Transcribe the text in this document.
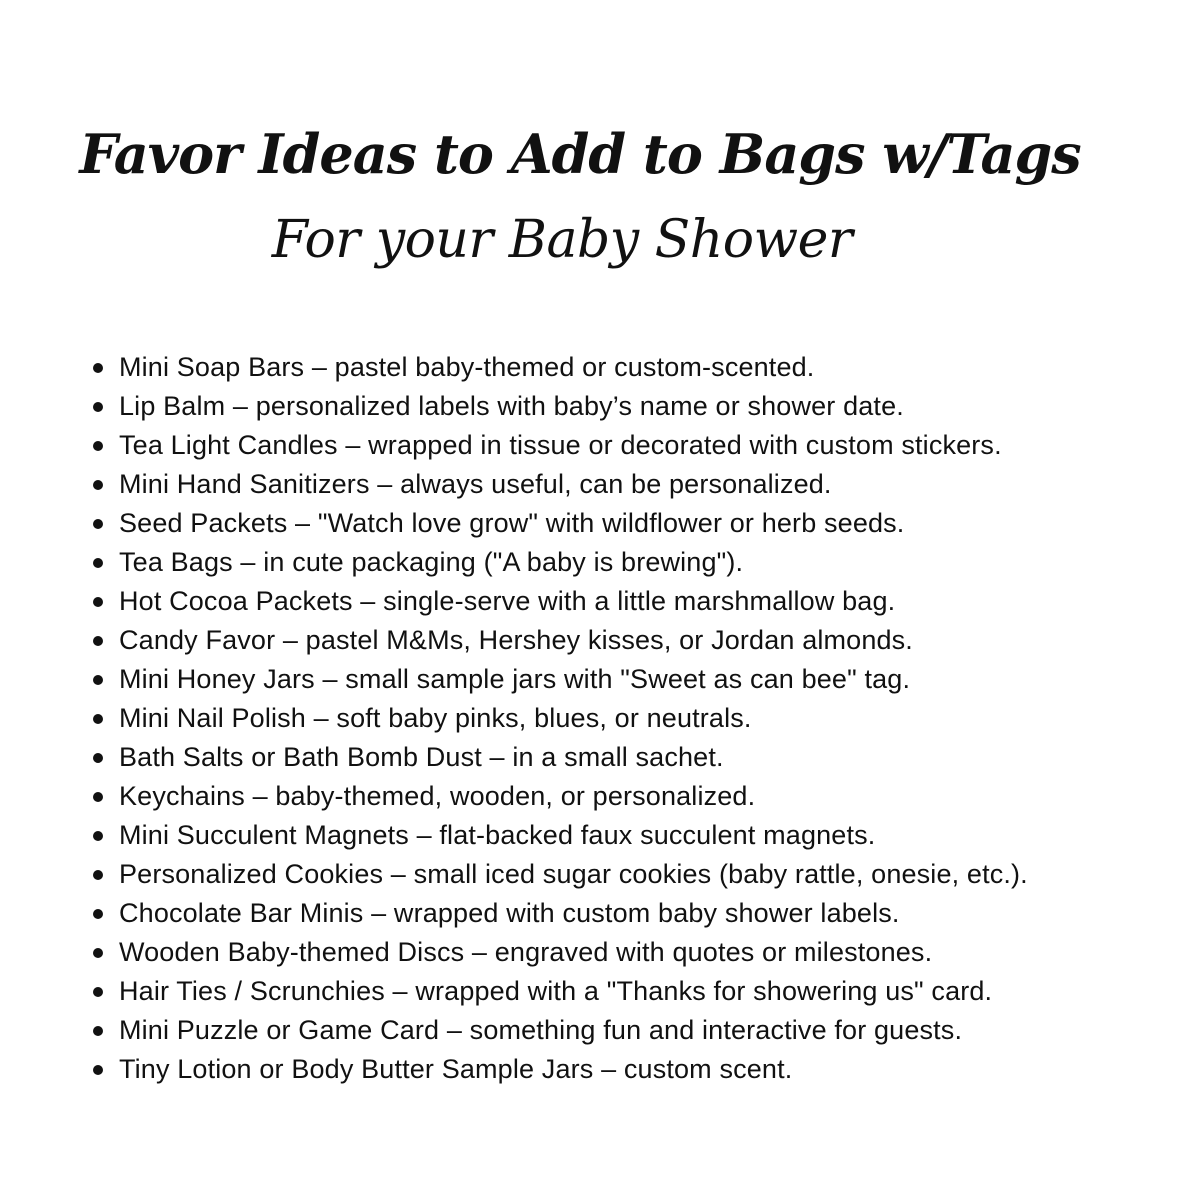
Favor Ideas to Add to Bags w/Tags
For your Baby Shower
Mini Soap Bars – pastel baby-themed or custom-scented.
Lip Balm – personalized labels with baby’s name or shower date.
Tea Light Candles – wrapped in tissue or decorated with custom stickers.
Mini Hand Sanitizers – always useful, can be personalized.
Seed Packets – "Watch love grow" with wildflower or herb seeds.
Tea Bags – in cute packaging ("A baby is brewing").
Hot Cocoa Packets – single-serve with a little marshmallow bag.
Candy Favor – pastel M&Ms, Hershey kisses, or Jordan almonds.
Mini Honey Jars – small sample jars with "Sweet as can bee" tag.
Mini Nail Polish – soft baby pinks, blues, or neutrals.
Bath Salts or Bath Bomb Dust – in a small sachet.
Keychains – baby-themed, wooden, or personalized.
Mini Succulent Magnets – flat-backed faux succulent magnets.
Personalized Cookies – small iced sugar cookies (baby rattle, onesie, etc.).
Chocolate Bar Minis – wrapped with custom baby shower labels.
Wooden Baby-themed Discs – engraved with quotes or milestones.
Hair Ties / Scrunchies – wrapped with a "Thanks for showering us" card.
Mini Puzzle or Game Card – something fun and interactive for guests.
Tiny Lotion or Body Butter Sample Jars – custom scent.
